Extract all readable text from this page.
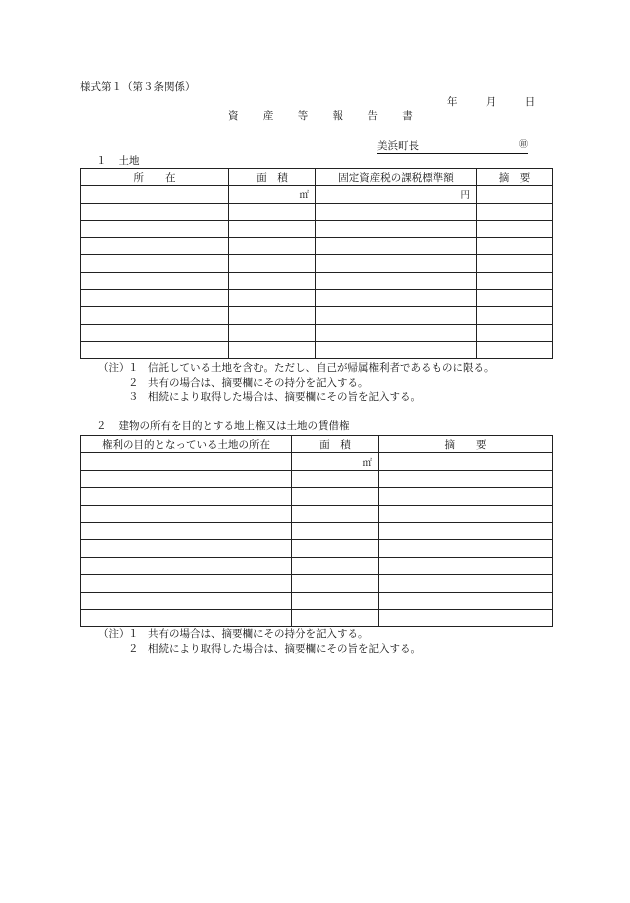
様式第１（第３条関係）
年	月	日
資 産 等 報 告 書
美浜町長	㊞
１ 土地
所　　在	面　積	固定資産税の課税標準額	摘　要
	㎡	円	

（注）
１ 信託している土地を含む。ただし、自己が帰属権利者であるものに限る。
２ 共有の場合は、摘要欄にその持分を記入する。
３ 相続により取得した場合は、摘要欄にその旨を記入する。
２ 建物の所有を目的とする地上権又は土地の賃借権
権利の目的となっている土地の所在	面　積	摘　　要
	㎡	

（注）
１ 共有の場合は、摘要欄にその持分を記入する。
２ 相続により取得した場合は、摘要欄にその旨を記入する。
